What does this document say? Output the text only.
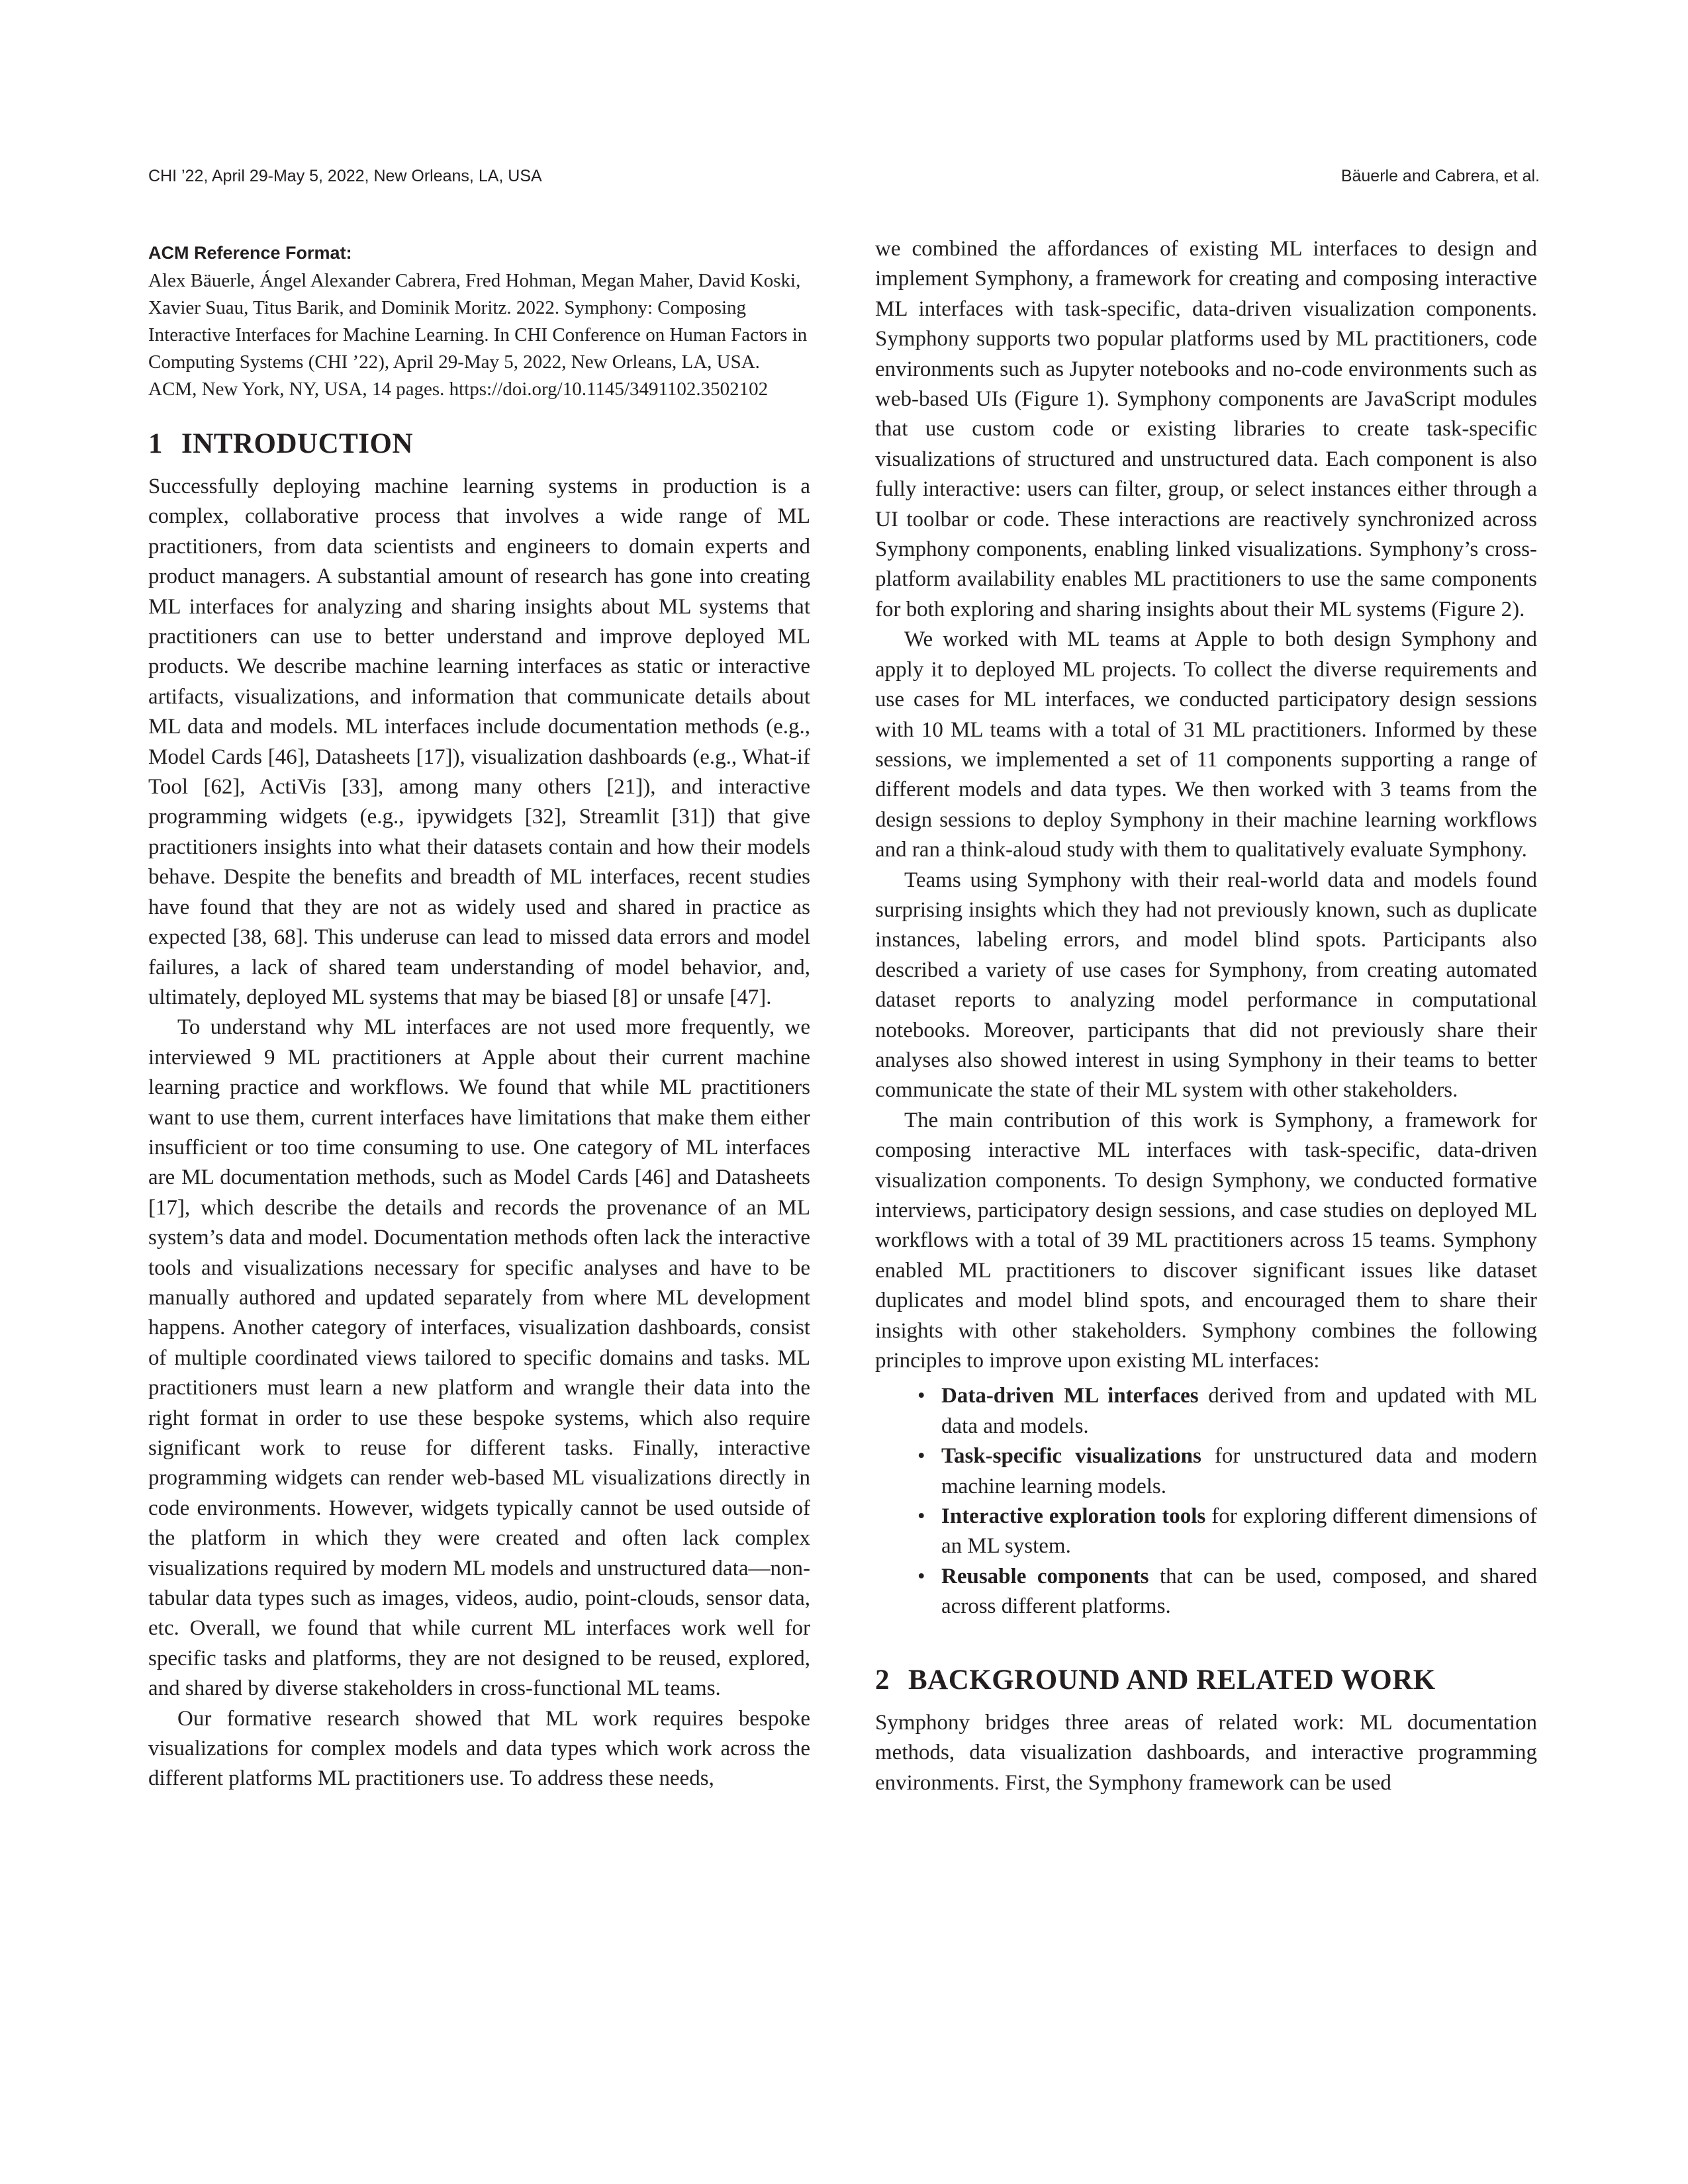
CHI ’22, April 29-May 5, 2022, New Orleans, LA, USA	Bäuerle and Cabrera, et al.
ACM Reference Format:
Alex Bäuerle, Ángel Alexander Cabrera, Fred Hohman, Megan Maher, David Koski, Xavier Suau, Titus Barik, and Dominik Moritz. 2022. Symphony: Composing Interactive Interfaces for Machine Learning. In CHI Conference on Human Factors in Computing Systems (CHI ’22), April 29-May 5, 2022, New Orleans, LA, USA. ACM, New York, NY, USA, 14 pages. https://doi.org/10.1145/3491102.3502102
1 INTRODUCTION

Successfully deploying machine learning systems in production is a complex, collaborative process that involves a wide range of ML practitioners, from data scientists and engineers to domain experts and product managers. A substantial amount of research has gone into creating ML interfaces for analyzing and sharing insights about ML systems that practitioners can use to better understand and improve deployed ML products. We describe machine learning interfaces as static or interactive artifacts, visualizations, and information that communicate details about ML data and models. ML interfaces include documentation methods (e.g., Model Cards [46], Datasheets [17]), visualization dashboards (e.g., What-if Tool [62], ActiVis [33], among many others [21]), and interactive programming widgets (e.g., ipywidgets [32], Streamlit [31]) that give practitioners insights into what their datasets contain and how their models behave. Despite the benefits and breadth of ML interfaces, recent studies have found that they are not as widely used and shared in practice as expected [38, 68]. This underuse can lead to missed data errors and model failures, a lack of shared team understanding of model behavior, and, ultimately, deployed ML systems that may be biased [8] or unsafe [47].

To understand why ML interfaces are not used more frequently, we interviewed 9 ML practitioners at Apple about their current machine learning practice and workflows. We found that while ML practitioners want to use them, current interfaces have limitations that make them either insufficient or too time consuming to use. One category of ML interfaces are ML documentation methods, such as Model Cards [46] and Datasheets [17], which describe the details and records the provenance of an ML system’s data and model. Documentation methods often lack the interactive tools and visualizations necessary for specific analyses and have to be manually authored and updated separately from where ML development happens. Another category of interfaces, visualization dashboards, consist of multiple coordinated views tailored to specific domains and tasks. ML practitioners must learn a new platform and wrangle their data into the right format in order to use these bespoke systems, which also require significant work to reuse for different tasks. Finally, interactive programming widgets can render web-based ML visualizations directly in code environments. However, widgets typically cannot be used outside of the platform in which they were created and often lack complex visualizations required by modern ML models and unstructured data—non-tabular data types such as images, videos, audio, point-clouds, sensor data, etc. Overall, we found that while current ML interfaces work well for specific tasks and platforms, they are not designed to be reused, explored, and shared by diverse stakeholders in cross-functional ML teams.

Our formative research showed that ML work requires bespoke visualizations for complex models and data types which work across the different platforms ML practitioners use. To address these needs,

we combined the affordances of existing ML interfaces to design and implement Symphony, a framework for creating and composing interactive ML interfaces with task-specific, data-driven visualization components. Symphony supports two popular platforms used by ML practitioners, code environments such as Jupyter notebooks and no-code environments such as web-based UIs (Figure 1). Symphony components are JavaScript modules that use custom code or existing libraries to create task-specific visualizations of structured and unstructured data. Each component is also fully interactive: users can filter, group, or select instances either through a UI toolbar or code. These interactions are reactively synchronized across Symphony components, enabling linked visualizations. Symphony’s cross-platform availability enables ML practitioners to use the same components for both exploring and sharing insights about their ML systems (Figure 2).

We worked with ML teams at Apple to both design Symphony and apply it to deployed ML projects. To collect the diverse requirements and use cases for ML interfaces, we conducted participatory design sessions with 10 ML teams with a total of 31 ML practitioners. Informed by these sessions, we implemented a set of 11 components supporting a range of different models and data types. We then worked with 3 teams from the design sessions to deploy Symphony in their machine learning workflows and ran a think-aloud study with them to qualitatively evaluate Symphony.

Teams using Symphony with their real-world data and models found surprising insights which they had not previously known, such as duplicate instances, labeling errors, and model blind spots. Participants also described a variety of use cases for Symphony, from creating automated dataset reports to analyzing model performance in computational notebooks. Moreover, participants that did not previously share their analyses also showed interest in using Symphony in their teams to better communicate the state of their ML system with other stakeholders.

The main contribution of this work is Symphony, a framework for composing interactive ML interfaces with task-specific, data-driven visualization components. To design Symphony, we conducted formative interviews, participatory design sessions, and case studies on deployed ML workflows with a total of 39 ML practitioners across 15 teams. Symphony enabled ML practitioners to discover significant issues like dataset duplicates and model blind spots, and encouraged them to share their insights with other stakeholders. Symphony combines the following principles to improve upon existing ML interfaces:

• Data-driven ML interfaces derived from and updated with ML data and models.
• Task-specific visualizations for unstructured data and modern machine learning models.
• Interactive exploration tools for exploring different dimensions of an ML system.
• Reusable components that can be used, composed, and shared across different platforms.
2 BACKGROUND AND RELATED WORK

Symphony bridges three areas of related work: ML documentation methods, data visualization dashboards, and interactive programming environments. First, the Symphony framework can be used
